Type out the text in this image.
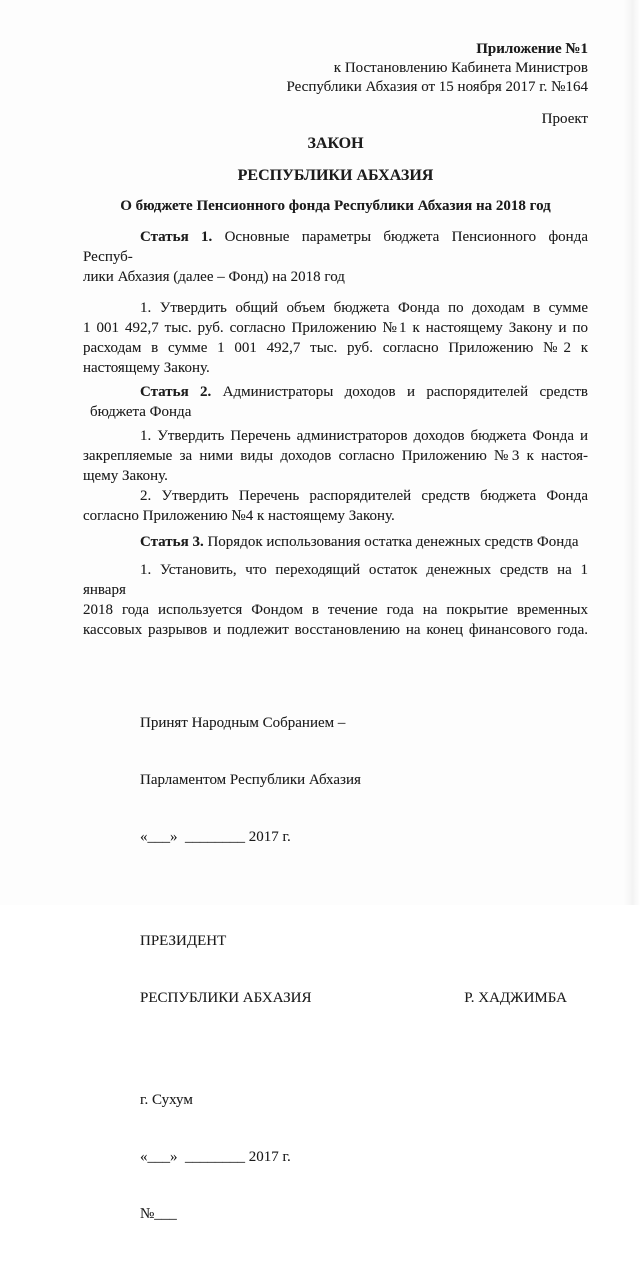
Приложение №1
к Постановлению Кабинета Министров
Республики Абхазия от 15 ноября 2017 г. №164
Проект
ЗАКОН
РЕСПУБЛИКИ АБХАЗИЯ
О бюджете Пенсионного фонда Республики Абхазия на 2018 год
Статья 1. Основные параметры бюджета Пенсионного фонда Респуб-
лики Абхазия (далее – Фонд) на 2018 год
1. Утвердить общий объем бюджета Фонда по доходам в сумме
1 001 492,7 тыс. руб. согласно Приложению №1 к настоящему Закону и по
расходам в сумме 1 001 492,7 тыс. руб. согласно Приложению №2 к
настоящему Закону.
Статья 2. Администраторы доходов и распорядителей средств
бюджета Фонда
1. Утвердить Перечень администраторов доходов бюджета Фонда и
закрепляемые за ними виды доходов согласно Приложению №3 к настоя-
щему Закону.
2. Утвердить Перечень распорядителей средств бюджета Фонда
согласно Приложению №4 к настоящему Закону.
Статья 3. Порядок использования остатка денежных средств Фонда
1. Установить, что переходящий остаток денежных средств на 1 января
2018 года используется Фондом в течение года на покрытие временных
кассовых разрывов и подлежит восстановлению на конец финансового года.

Принят Народным Собранием –

Парламентом Республики Абхазия

«___»  ________ 2017 г.

ПРЕЗИДЕНТ

РЕСПУБЛИКИ АБХАЗИЯ	Р. ХАДЖИМБА

г. Сухум

«___»  ________ 2017 г.

№___
